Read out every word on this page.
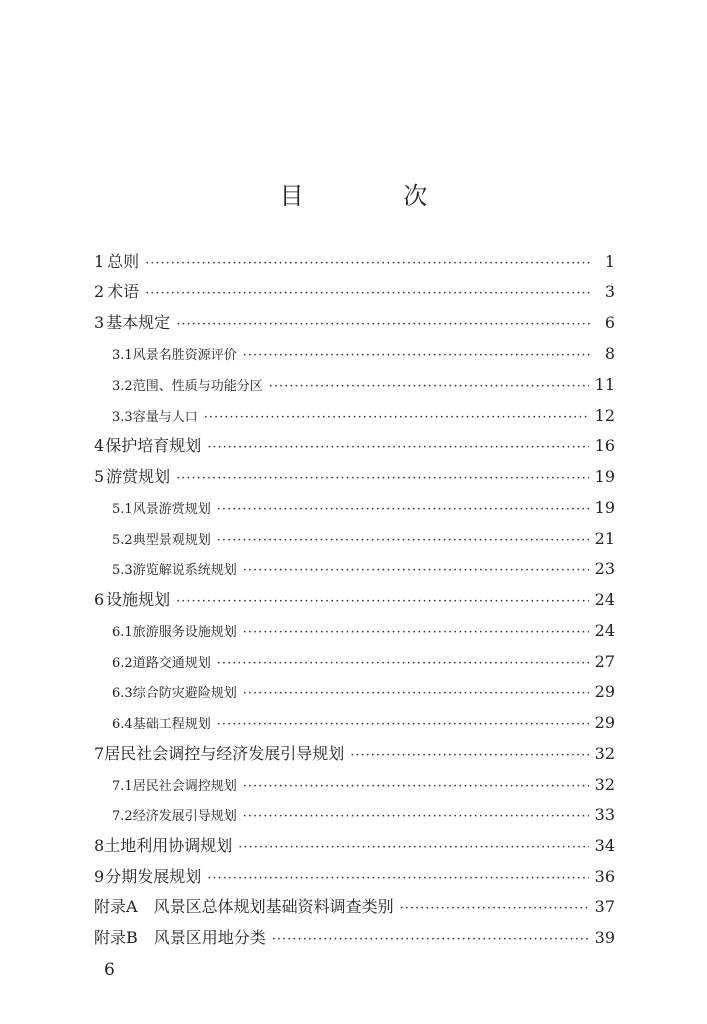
目 次
1 总则 ·····	1
2 术语 ·····	3
3 基本规定 ·····	6
3.1 风景名胜资源评价 ·····	8
3.2 范围、性质与功能分区 ·····	11
3.3 容量与人口 ·····	12
4 保护培育规划 ·····	16
5 游赏规划 ·····	19
5.1 风景游赏规划 ·····	19
5.2 典型景观规划 ·····	21
5.3 游览解说系统规划 ·····	23
6 设施规划 ·····	24
6.1 旅游服务设施规划 ·····	24
6.2 道路交通规划 ·····	27
6.3 综合防灾避险规划 ·····	29
6.4 基础工程规划 ·····	29
7 居民社会调控与经济发展引导规划 ·····	32
7.1 居民社会调控规划 ·····	32
7.2 经济发展引导规划 ·····	33
8 土地利用协调规划 ·····	34
9 分期发展规划 ·····	36
附录A 风景区总体规划基础资料调查类别 ·····	37
附录B 风景区用地分类 ·····	39
6
